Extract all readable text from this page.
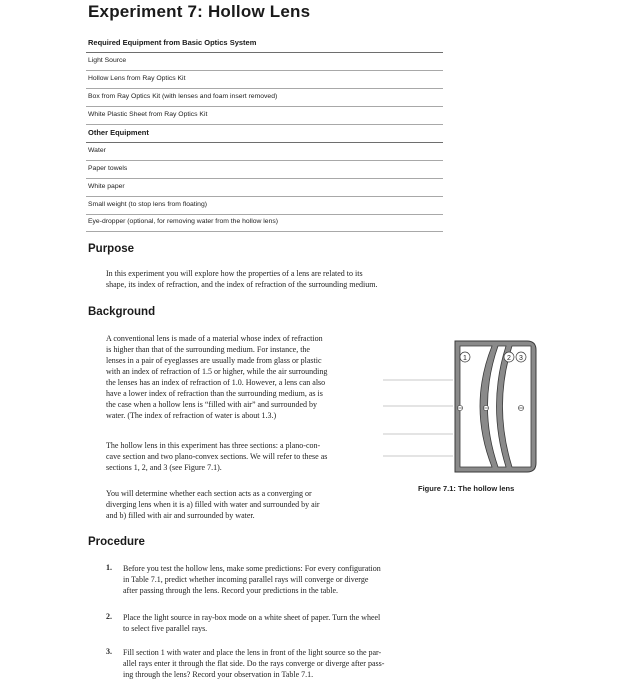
Experiment 7: Hollow Lens
Required Equipment from Basic Optics System
Light Source
Hollow Lens from Ray Optics Kit
Box from Ray Optics Kit (with lenses and foam insert removed)
White Plastic Sheet from Ray Optics Kit
Other Equipment
Water
Paper towels
White paper
Small weight (to stop lens from floating)
Eye-dropper (optional, for removing water from the hollow lens)
Purpose

In this experiment you will explore how the properties of a lens are related to its
shape, its index of refraction, and the index of refraction of the surrounding medium.

Background

A conventional lens is made of a material whose index of refraction
is higher than that of the surrounding medium. For instance, the
lenses in a pair of eyeglasses are usually made from glass or plastic
with an index of refraction of 1.5 or higher, while the air surrounding
the lenses has an index of refraction of 1.0. However, a lens can also
have a lower index of refraction than the surrounding medium, as is
the case when a hollow lens is “filled with air” and surrounded by
water. (The index of refraction of water is about 1.3.)

The hollow lens in this experiment has three sections: a plano-con-
cave section and two plano-convex sections. We will refer to these as
sections 1, 2, and 3 (see Figure 7.1).

You will determine whether each section acts as a converging or
diverging lens when it is a) filled with water and surrounded by air
and b) filled with air and surrounded by water.

1	2 3
Figure 7.1: The hollow lens
Procedure
1. Before you test the hollow lens, make some predictions: For every configuration
in Table 7.1, predict whether incoming parallel rays will converge or diverge
after passing through the lens. Record your predictions in the table.

2. Place the light source in ray-box mode on a white sheet of paper. Turn the wheel
to select five parallel rays.

3. Fill section 1 with water and place the lens in front of the light source so the par-
allel rays enter it through the flat side. Do the rays converge or diverge after pass-
ing through the lens? Record your observation in Table 7.1.
